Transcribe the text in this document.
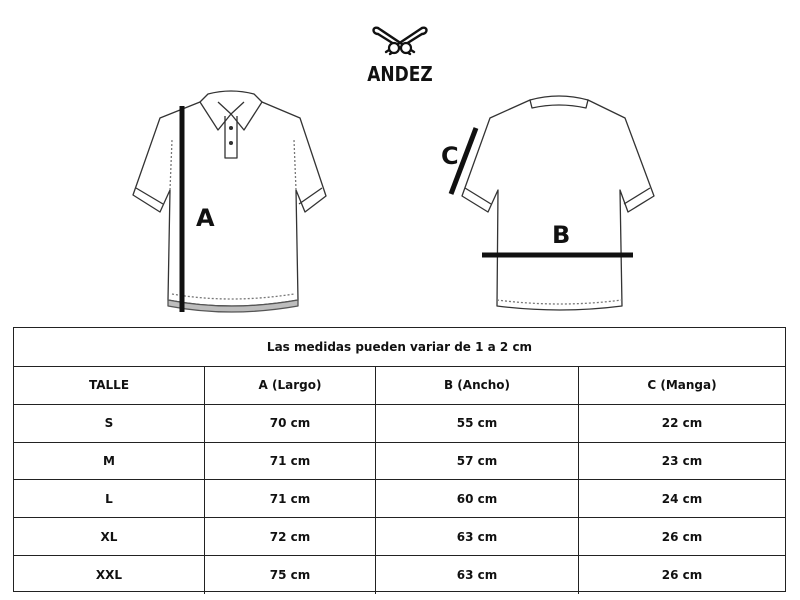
ANDEZ
A
C
B
Las medidas pueden variar de 1 a 2 cm
TALLE	A (Largo)	B (Ancho)	C (Manga)
S	70 cm	55 cm	22 cm
M	71 cm	57 cm	23 cm
L	71 cm	60 cm	24 cm
XL	72 cm	63 cm	26 cm
XXL	75 cm	63 cm	26 cm
